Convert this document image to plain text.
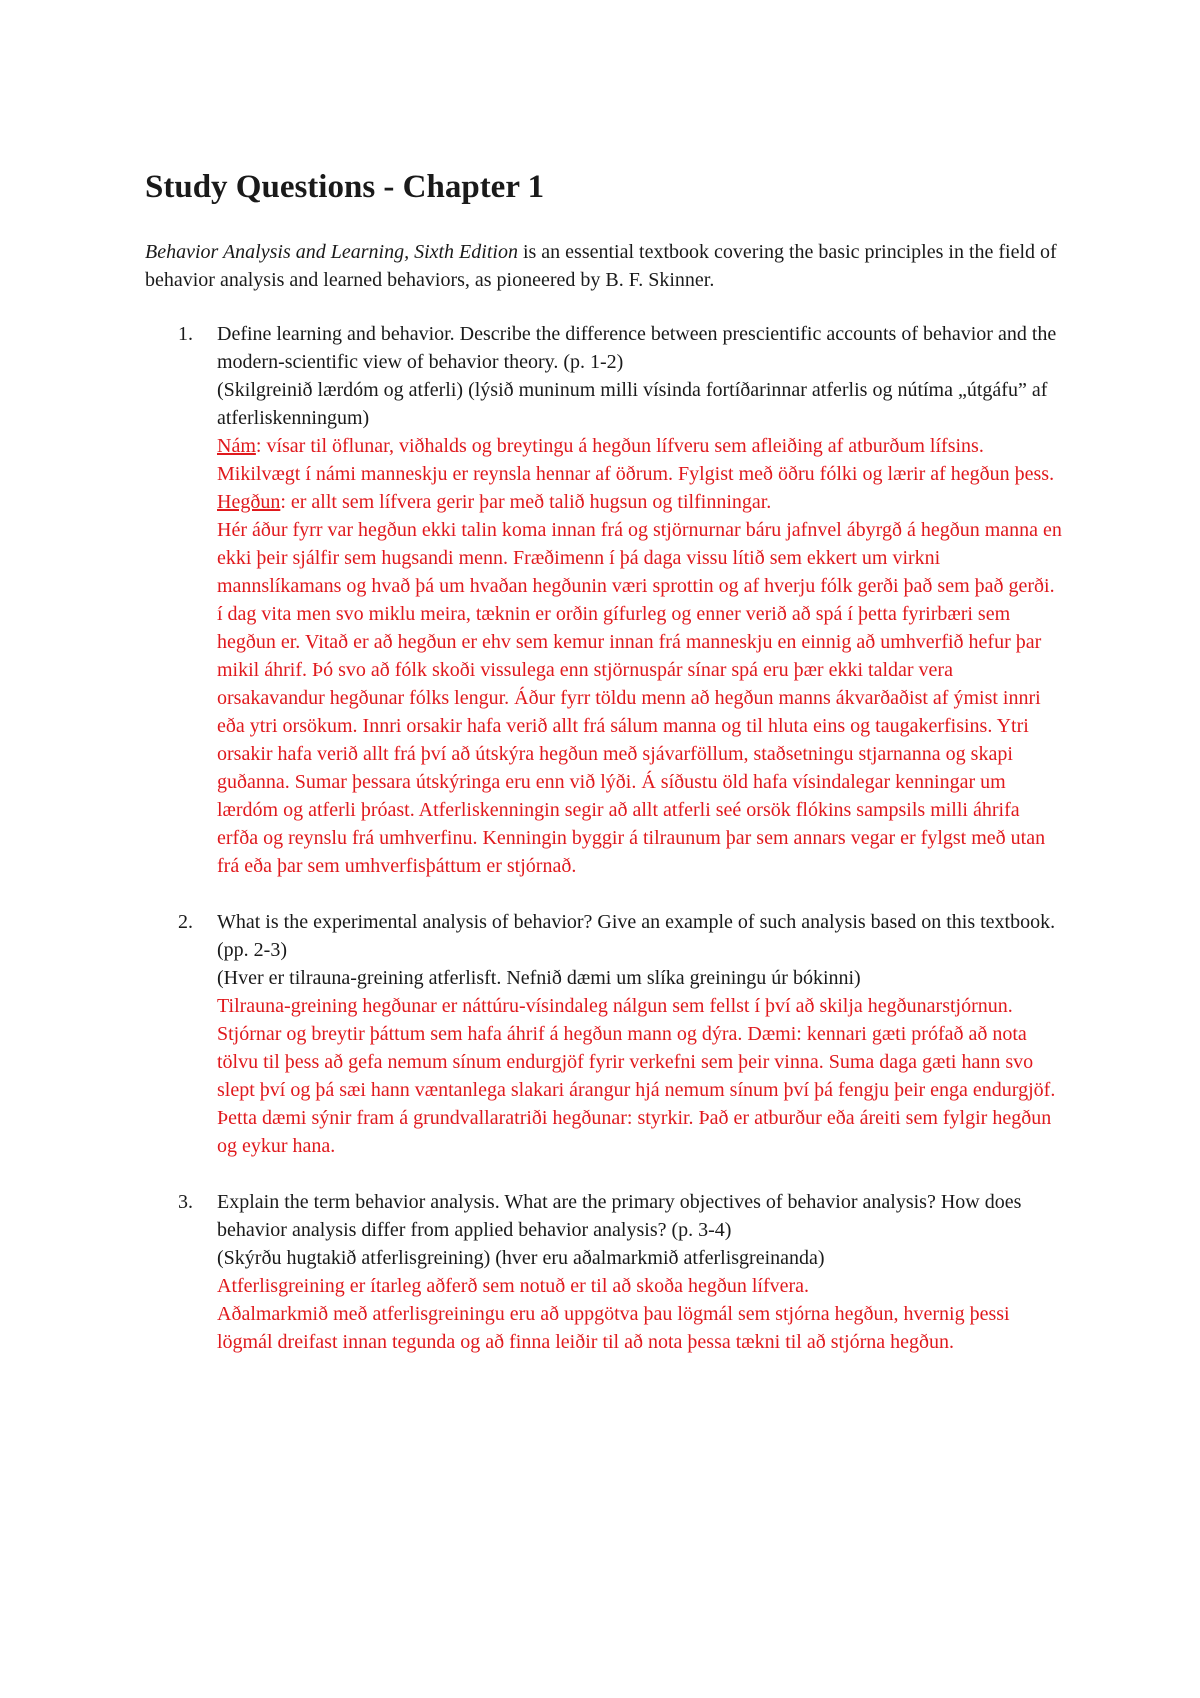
Study Questions - Chapter 1

Behavior Analysis and Learning, Sixth Edition is an essential textbook covering the basic principles in the field of behavior analysis and learned behaviors, as pioneered by B. F. Skinner.

1. Define learning and behavior. Describe the difference between prescientific accounts of behavior and the modern-scientific view of behavior theory. (p. 1-2)
(Skilgreinið lærdóm og atferli) (lýsið muninum milli vísinda fortíðarinnar atferlis og nútíma „útgáfu” af atferliskenningum)
Nám: vísar til öflunar, viðhalds og breytingu á hegðun lífveru sem afleiðing af atburðum lífsins. Mikilvægt í námi manneskju er reynsla hennar af öðrum. Fylgist með öðru fólki og lærir af hegðun þess.
Hegðun: er allt sem lífvera gerir þar með talið hugsun og tilfinningar.
Hér áður fyrr var hegðun ekki talin koma innan frá og stjörnurnar báru jafnvel ábyrgð á hegðun manna en ekki þeir sjálfir sem hugsandi menn. Fræðimenn í þá daga vissu lítið sem ekkert um virkni mannslíkamans og hvað þá um hvaðan hegðunin væri sprottin og af hverju fólk gerði það sem það gerði.
í dag vita men svo miklu meira, tæknin er orðin gífurleg og enner verið að spá í þetta fyrirbæri sem hegðun er. Vitað er að hegðun er ehv sem kemur innan frá manneskju en einnig að umhverfið hefur þar mikil áhrif. Þó svo að fólk skoði vissulega enn stjörnuspár sínar spá eru þær ekki taldar vera orsakavandur hegðunar fólks lengur. Áður fyrr töldu menn að hegðun manns ákvarðaðist af ýmist innri eða ytri orsökum. Innri orsakir hafa verið allt frá sálum manna og til hluta eins og taugakerfisins. Ytri orsakir hafa verið allt frá því að útskýra hegðun með sjávarföllum, staðsetningu stjarnanna og skapi guðanna. Sumar þessara útskýringa eru enn við lýði. Á síðustu öld hafa vísindalegar kenningar um lærdóm og atferli þróast. Atferliskenningin segir að allt atferli seé orsök flókins sampsils milli áhrifa erfða og reynslu frá umhverfinu. Kenningin byggir á tilraunum þar sem annars vegar er fylgst með utan frá eða þar sem umhverfisþáttum er stjórnað.
2. What is the experimental analysis of behavior? Give an example of such analysis based on this textbook. (pp. 2-3)
(Hver er tilrauna-greining atferlisft. Nefnið dæmi um slíka greiningu úr bókinni)
Tilrauna-greining hegðunar er náttúru-vísindaleg nálgun sem fellst í því að skilja hegðunarstjórnun. Stjórnar og breytir þáttum sem hafa áhrif á hegðun mann og dýra. Dæmi: kennari gæti prófað að nota tölvu til þess að gefa nemum sínum endurgjöf fyrir verkefni sem þeir vinna. Suma daga gæti hann svo slept því og þá sæi hann væntanlega slakari árangur hjá nemum sínum því þá fengju þeir enga endurgjöf. Þetta dæmi sýnir fram á grundvallaratriði hegðunar: styrkir. Það er atburður eða áreiti sem fylgir hegðun og eykur hana.
3. Explain the term behavior analysis. What are the primary objectives of behavior analysis? How does behavior analysis differ from applied behavior analysis? (p. 3-4)
(Skýrðu hugtakið atferlisgreining) (hver eru aðalmarkmið atferlisgreinanda)
Atferlisgreining er ítarleg aðferð sem notuð er til að skoða hegðun lífvera.
Aðalmarkmið með atferlisgreiningu eru að uppgötva þau lögmál sem stjórna hegðun, hvernig þessi lögmál dreifast innan tegunda og að finna leiðir til að nota þessa tækni til að stjórna hegðun.
